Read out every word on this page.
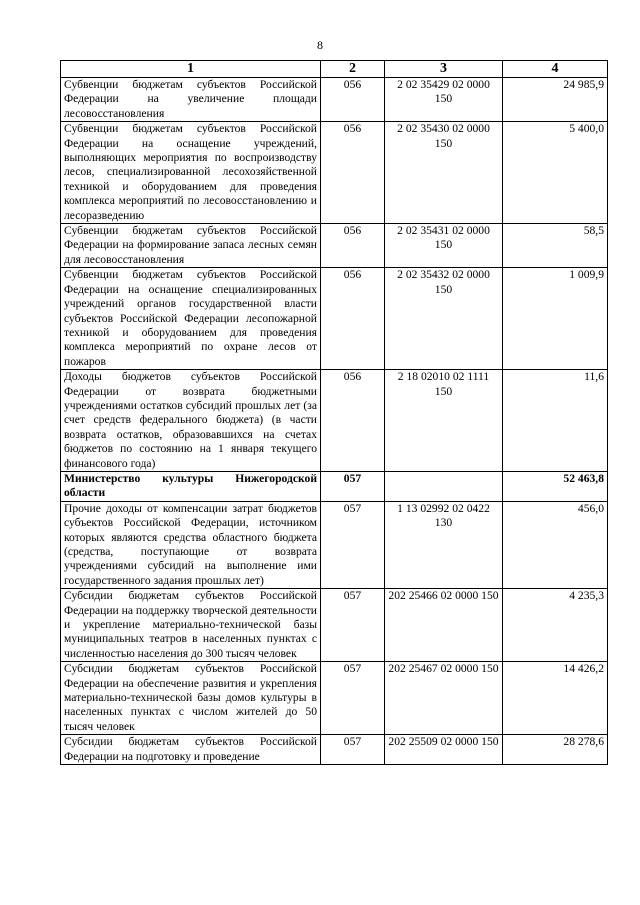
8
1	2	3	4
Субвенции бюджетам субъектов Российской Федерации на увеличение площади лесовосстановления	056	2 02 35429 02 0000 150	24 985,9
Субвенции бюджетам субъектов Российской Федерации на оснащение учреждений, выполняющих мероприятия по воспроизводству лесов, специализированной лесохозяйственной техникой и оборудованием для проведения комплекса мероприятий по лесовосстановлению и лесоразведению	056	2 02 35430 02 0000 150	5 400,0
Субвенции бюджетам субъектов Российской Федерации на формирование запаса лесных семян для лесовосстановления	056	2 02 35431 02 0000 150	58,5
Субвенции бюджетам субъектов Российской Федерации на оснащение специализированных учреждений органов государственной власти субъектов Российской Федерации лесопожарной техникой и оборудованием для проведения комплекса мероприятий по охране лесов от пожаров	056	2 02 35432 02 0000 150	1 009,9
Доходы бюджетов субъектов Российской Федерации от возврата бюджетными учреждениями остатков субсидий прошлых лет (за счет средств федерального бюджета) (в части возврата остатков, образовавшихся на счетах бюджетов по состоянию на 1 января текущего финансового года)	056	2 18 02010 02 1111 150	11,6
Министерство культуры Нижегородской области	057		52 463,8
Прочие доходы от компенсации затрат бюджетов субъектов Российской Федерации, источником которых являются средства областного бюджета (средства, поступающие от возврата учреждениями субсидий на выполнение ими государственного задания прошлых лет)	057	1 13 02992 02 0422 130	456,0
Субсидии бюджетам субъектов Российской Федерации на поддержку творческой деятельности и укрепление материально-технической базы муниципальных театров в населенных пунктах с численностью населения до 300 тысяч человек	057	202 25466 02 0000 150	4 235,3
Субсидии бюджетам субъектов Российской Федерации на обеспечение развития и укрепления материально-технической базы домов культуры в населенных пунктах с числом жителей до 50 тысяч человек	057	202 25467 02 0000 150	14 426,2
Субсидии бюджетам субъектов Российской Федерации на подготовку и проведение	057	202 25509 02 0000 150	28 278,6
